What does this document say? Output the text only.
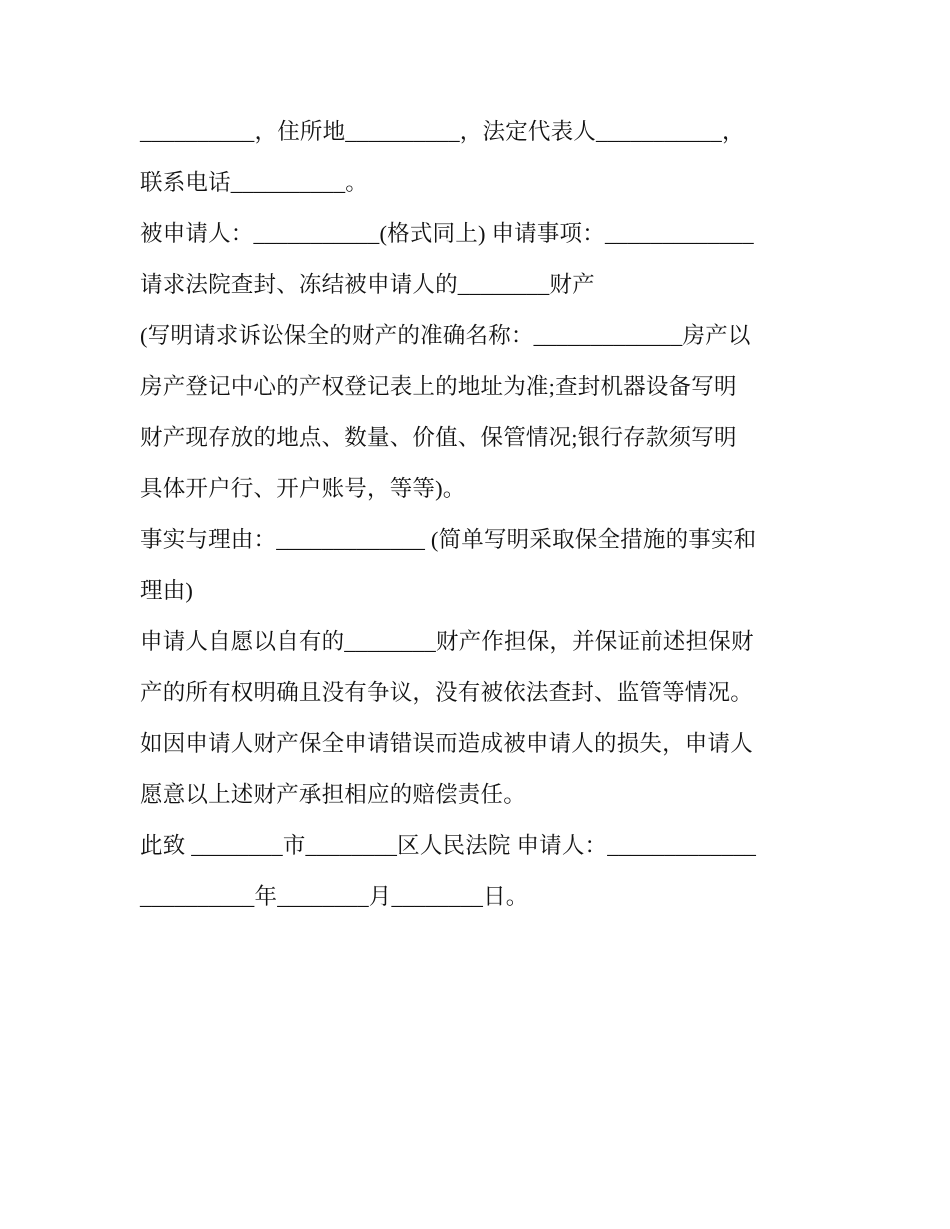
__________，住所地__________，法定代表人___________，
联系电话__________。
被申请人：___________(格式同上) 申请事项：_____________
请求法院查封、冻结被申请人的________财产
(写明请求诉讼保全的财产的准确名称：_____________房产以
房产登记中心的产权登记表上的地址为准;查封机器设备写明
财产现存放的地点、数量、价值、保管情况;银行存款须写明
具体开户行、开户账号，等等)。
事实与理由：_____________ (简单写明采取保全措施的事实和
理由)
申请人自愿以自有的________财产作担保，并保证前述担保财
产的所有权明确且没有争议，没有被依法查封、监管等情况。
如因申请人财产保全申请错误而造成被申请人的损失，申请人
愿意以上述财产承担相应的赔偿责任。
此致 ________市________区人民法院 申请人：_____________
__________年________月________日。
